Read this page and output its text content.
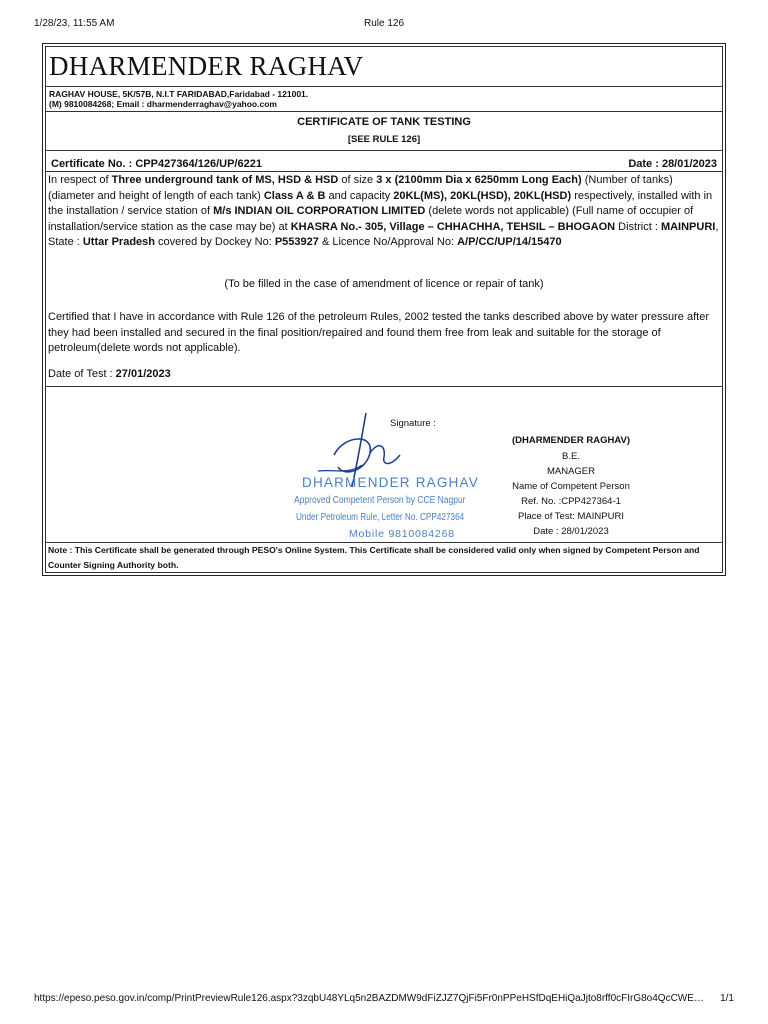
1/28/23, 11:55 AM	Rule 126
DHARMENDER RAGHAV
RAGHAV HOUSE, 5K/57B, N.I.T FARIDABAD,Faridabad - 121001.
(M) 9810084268; Email : dharmenderraghav@yahoo.com
CERTIFICATE OF TANK TESTING
[SEE RULE 126]
Certificate No. : CPP427364/126/UP/6221	Date : 28/01/2023
In respect of Three underground tank of MS, HSD & HSD of size 3 x (2100mm Dia x 6250mm Long Each) (Number of tanks) (diameter and height of length of each tank) Class A & B and capacity 20KL(MS), 20KL(HSD), 20KL(HSD) respectively, installed with in the installation / service station of M/s INDIAN OIL CORPORATION LIMITED (delete words not applicable) (Full name of occupier of installation/service station as the case may be) at KHASRA No.- 305, Village – CHHACHHA, TEHSIL – BHOGAON District : MAINPURI, State : Uttar Pradesh covered by Dockey No: P553927 & Licence No/Approval No: A/P/CC/UP/14/15470
(To be filled in the case of amendment of licence or repair of tank)
Certified that I have in accordance with Rule 126 of the petroleum Rules, 2002 tested the tanks described above by water pressure after they had been installed and secured in the final position/repaired and found them free from leak and suitable for the storage of petroleum(delete words not applicable).
Date of Test : 27/01/2023
Signature :
DHARMENDER RAGHAV
Approved Competent Person by CCE Nagpur
Under Petroleum Rule, Letter No. CPP427364
Mobile 9810084268
(DHARMENDER RAGHAV)
B.E.
MANAGER
Name of Competent Person
Ref. No. :CPP427364-1
Place of Test: MAINPURI
Date : 28/01/2023
Note : This Certificate shall be generated through PESO's Online System. This Certificate shall be considered valid only when signed by Competent Person and Counter Signing Authority both.
https://epeso.peso.gov.in/comp/PrintPreviewRule126.aspx?3zqbU48YLq5n2BAZDMW9dFiZJZ7QjFi5Fr0nPPeHSfDqEHiQaJjto8rff0cFIrG8o4QcCWE… 1/1
